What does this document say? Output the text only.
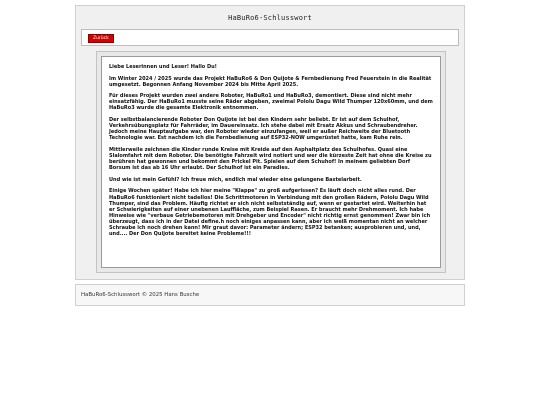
HaBuRo6-Schlusswort
Zurück

Liebe Leserinnen und Leser! Hallo Du!

Im Winter 2024 / 2025 wurde das Projekt HaBuRo6 & Don Quijote & Fernbedienung Fred Feuerstein in die Realität umgesetzt. Begonnen Anfang November 2024 bis Mitte April 2025.

Für dieses Projekt wurden zwei andere Roboter, HaBuRo1 und HaBuRo3, demontiert. Diese sind nicht mehr einsatzfähig. Der HaBuRo1 musste seine Räder abgeben, zweimal Pololu Dagu Wild Thumper 120x60mm, und dem HaBuRo3 wurde die gesamte Elektronik entnommen.

Der selbstbalancierende Roboter Don Quijote ist bei den Kindern sehr beliebt. Er ist auf dem Schulhof, Verkehrsübungsplatz für Fahrräder, im Dauereinsatz. Ich stehe dabei mit Ersatz Akkus und Schraubendreher. Jedoch meine Hauptaufgabe war, den Roboter wieder einzufangen, weil er außer Reichweite der Bluetooth Technologie war. Est nachdem ich die Fernbedienung auf ESP32-NOW umgerüstet hatte, kam Ruhe rein.

Mittlerweile zeichnen die Kinder runde Kreise mit Kreide auf den Asphaltplatz des Schulhofes. Quasi eine Slalomfahrt mit dem Roboter. Die benötigte Fahrzeit wird notiert und wer die kürzeste Zeit hat ohne die Kreise zu berühren hat gewonnen und bekommt den Prickel Pit. Spielen auf dem Schuhof! In meinem geliebten Dorf Borsum ist das ab 16 Uhr erlaubt. Der Schulhof ist ein Paradies.

Und wie ist mein Gefühl? Ich freue mich, endlich mal wieder eine gelungene Bastelarbeit.

Einige Wochen später! Habe ich hier meine "Klappe" zu groß aufgerissen? Es läuft doch nicht alles rund. Der HaBuRo6 funktioniert nicht tadellos! Die Schrittmotoren in Verbindung mit den großen Rädern, Pololu Dagu Wild Thumper, sind das Problem. Häufig richtet er sich nicht selbstständig auf, wenn er gestartet wird. Weiterhin hat er Schwierigkeiten auf einer unebenen Lauffläche, zum Beispiel Rasen. Er braucht mehr Drehmoment. Ich habe Hinweise wie "verbaue Getriebemotoren mit Drehgeber und Encoder" nicht richtig ernst genommen! Zwar bin ich überzeugt, dass ich in der Datei define.h noch einiges anpassen kann, aber ich weiß momentan nicht an welcher Schraube ich noch drehen kann! Mir graut davor: Parameter ändern; ESP32 betanken; ausprobieren und, und, und.... Der Don Quijote bereitet keine Probleme!!!

HaBuRo6-Schlusswort © 2025 Hans Busche
